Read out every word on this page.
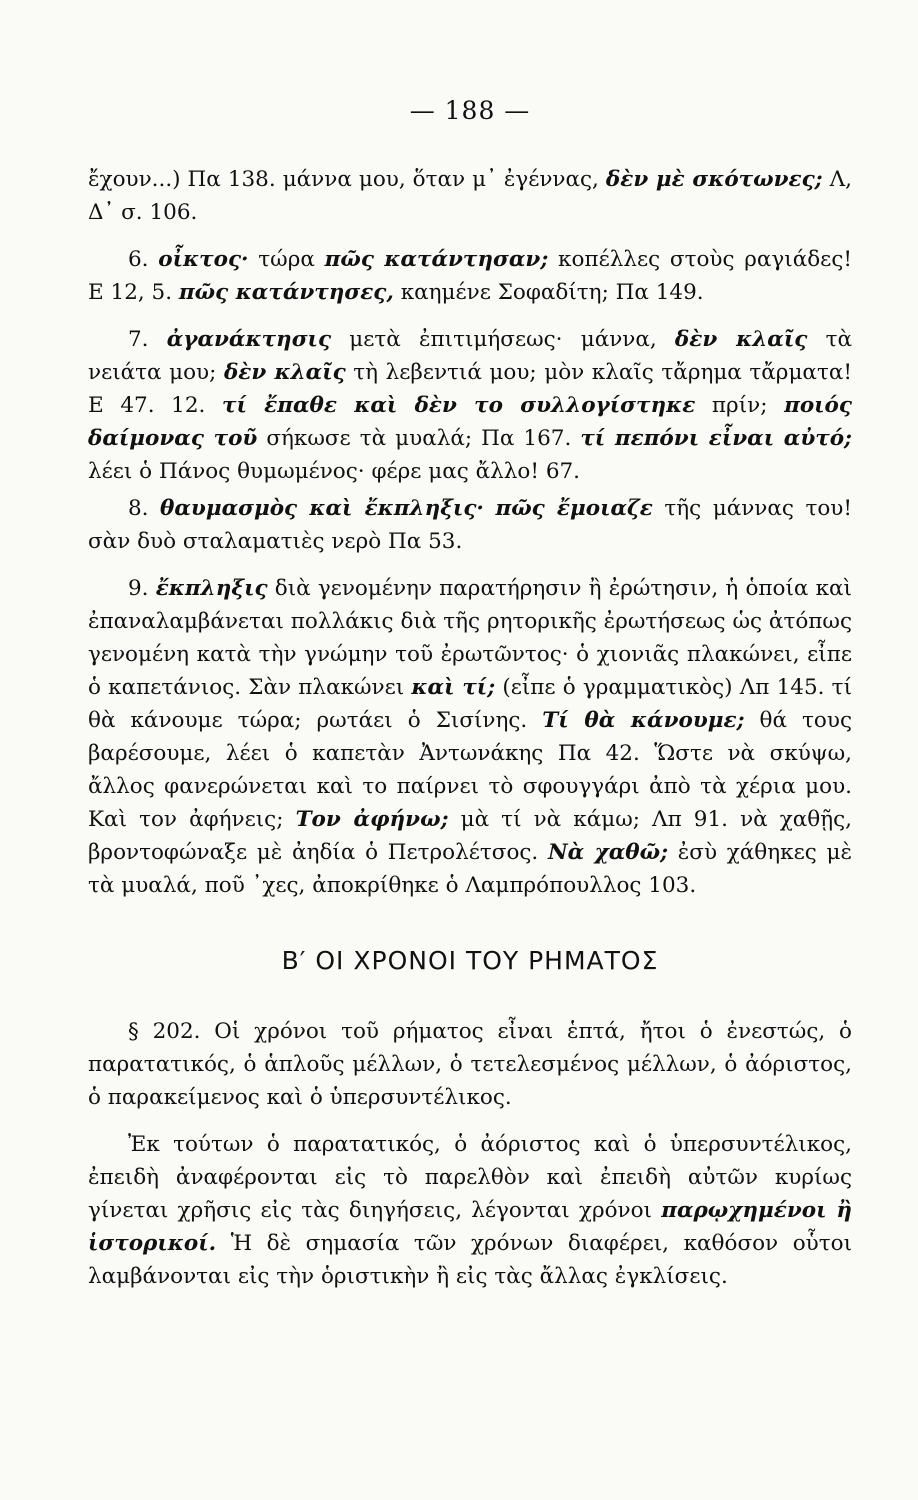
— 188 —

ἔχουν...) Πα 138. μάννα μου, ὅταν μ᾽ ἐγέννας, δὲν μὲ σκότωνες; Λ, Δ᾽ σ. 106.

6. οἶκτος· τώρα πῶς κατάντησαν; κοπέλλες στοὺς ραγιάδες! Ε 12, 5. πῶς κατάντησες, καημένε Σοφαδίτη; Πα 149.

7. ἀγανάκτησις μετὰ ἐπιτιμήσεως· μάννα, δὲν κλαῖς τὰ νειάτα μου; δὲν κλαῖς τὴ λεβεντιά μου; μὸν κλαῖς τἄρημα τἄρματα! Ε 47. 12. τί ἔπαθε καὶ δὲν το συλλογίστηκε πρίν; ποιός δαίμονας τοῦ σήκωσε τὰ μυαλά; Πα 167. τί πεπόνι εἶναι αὐτό; λέει ὁ Πάνος θυμωμένος· φέρε μας ἄλλο! 67.

8. θαυμασμὸς καὶ ἔκπληξις· πῶς ἔμοιαζε τῆς μάννας του! σὰν δυὸ σταλαματιὲς νερὸ Πα 53.

9. ἔκπληξις διὰ γενομένην παρατήρησιν ἢ ἐρώτησιν, ἡ ὁποία καὶ ἐπαναλαμβάνεται πολλάκις διὰ τῆς ρητορικῆς ἐρωτήσεως ὡς ἀτόπως γενομένη κατὰ τὴν γνώμην τοῦ ἐρωτῶντος· ὁ χιονιᾶς πλακώνει, εἶπε ὁ καπετάνιος. Σὰν πλακώνει καὶ τί; (εἶπε ὁ γραμματικὸς) Λπ 145. τί θὰ κάνουμε τώρα; ρωτάει ὁ Σισίνης. Τί θὰ κάνουμε; θά τους βαρέσουμε, λέει ὁ καπετὰν Ἀντωνάκης Πα 42. Ὥστε νὰ σκύψω, ἄλλος φανερώνεται καὶ το παίρνει τὸ σφουγγάρι ἀπὸ τὰ χέρια μου. Καὶ τον ἀφήνεις; Τον ἀφήνω; μὰ τί νὰ κάμω; Λπ 91. νὰ χαθῇς, βροντοφώναξε μὲ ἀηδία ὁ Πετρολέτσος. Νὰ χαθῶ; ἐσὺ χάθηκες μὲ τὰ μυαλά, ποῦ ᾽χες, ἀποκρίθηκε ὁ Λαμπρόπουλλος 103.

Β′ ΟΙ ΧΡΟΝΟΙ ΤΟΥ ΡΗΜΑΤΟΣ

§ 202. Οἱ χρόνοι τοῦ ρήματος εἶναι ἑπτά, ἤτοι ὁ ἐνεστώς, ὁ παρατατικός, ὁ ἁπλοῦς μέλλων, ὁ τετελεσμένος μέλλων, ὁ ἀόριστος, ὁ παρακείμενος καὶ ὁ ὑπερσυντέλικος.

Ἐκ τούτων ὁ παρατατικός, ὁ ἀόριστος καὶ ὁ ὑπερσυντέλικος, ἐπειδὴ ἀναφέρονται εἰς τὸ παρελθὸν καὶ ἐπειδὴ αὐτῶν κυρίως γίνεται χρῆσις εἰς τὰς διηγήσεις, λέγονται χρόνοι παρῳχημένοι ἢ ἱστορικοί. Ἡ δὲ σημασία τῶν χρόνων διαφέρει, καθόσον οὗτοι λαμβάνονται εἰς τὴν ὁριστικὴν ἢ εἰς τὰς ἄλλας ἐγκλίσεις.
